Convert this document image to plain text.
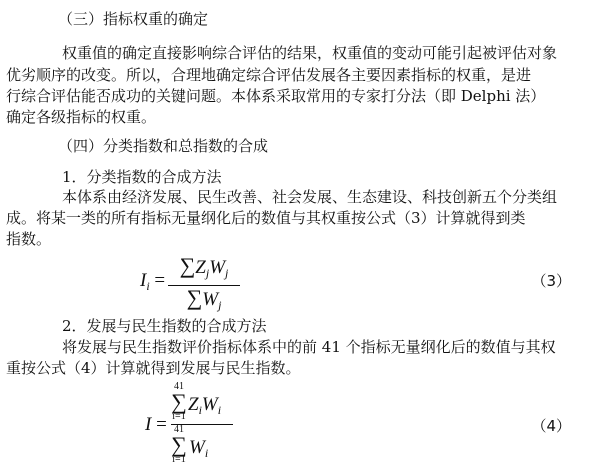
（三）指标权重的确定
权重值的确定直接影响综合评估的结果，权重值的变动可能引起被评估对象
优劣顺序的改变。所以，合理地确定综合评估发展各主要因素指标的权重，是进
行综合评估能否成功的关键问题。本体系采取常用的专家打分法（即 Delphi 法）
确定各级指标的权重。
（四）分类指数和总指数的合成
1．分类指数的合成方法
本体系由经济发展、民生改善、社会发展、生态建设、科技创新五个分类组
成。将某一类的所有指标无量纲化后的数值与其权重按公式（3）计算就得到类
指数。
$I_i$ =
$\sum Z_jW_j$
$\sum W_j$
（3）
2．发展与民生指数的合成方法
将发展与民生指数评价指标体系中的前 41 个指标无量纲化后的数值与其权
重按公式（4）计算就得到发展与民生指数。
I =
41
∑
i=1
$Z_iW_i$
41
∑
i=1
$W_i$
（4）
